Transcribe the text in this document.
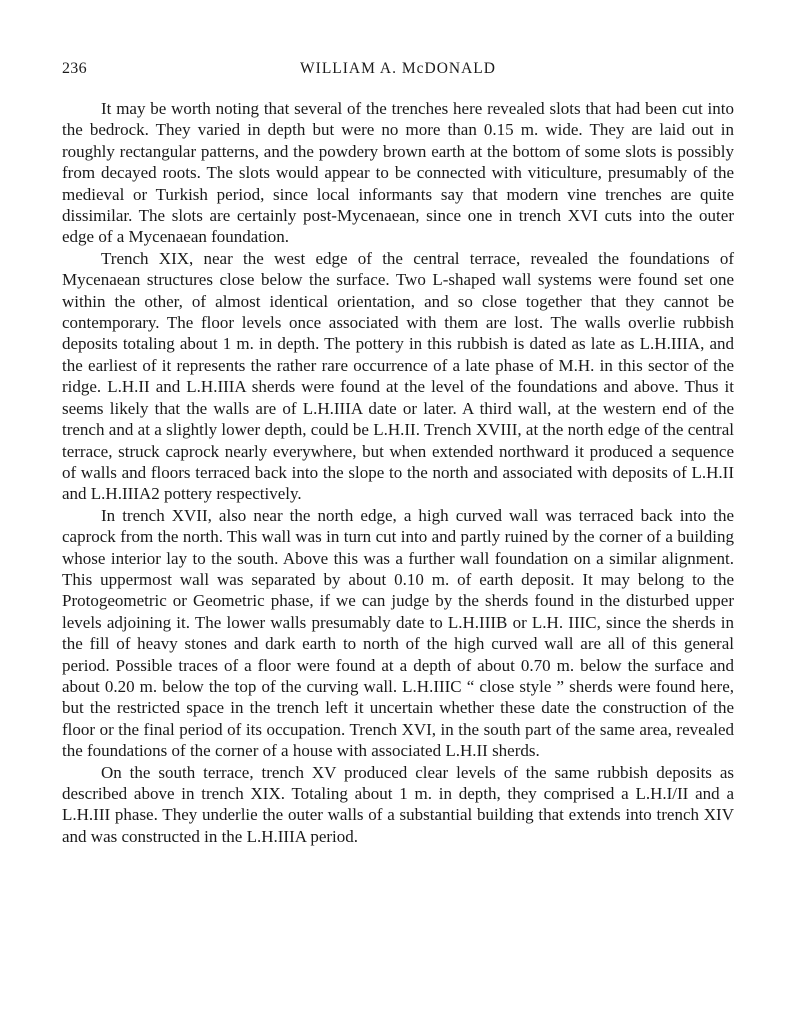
236	WILLIAM A. McDONALD

It may be worth noting that several of the trenches here revealed slots that had been cut into the bedrock. They varied in depth but were no more than 0.15 m. wide. They are laid out in roughly rectangular patterns, and the powdery brown earth at the bottom of some slots is possibly from decayed roots. The slots would appear to be connected with viticulture, presumably of the medieval or Turkish period, since local informants say that modern vine trenches are quite dissimilar. The slots are certainly post-Mycenaean, since one in trench XVI cuts into the outer edge of a Mycenaean foundation.

Trench XIX, near the west edge of the central terrace, revealed the foundations of Mycenaean structures close below the surface. Two L-shaped wall systems were found set one within the other, of almost identical orientation, and so close together that they cannot be contemporary. The floor levels once associated with them are lost. The walls overlie rubbish deposits totaling about 1 m. in depth. The pottery in this rubbish is dated as late as L.H.IIIA, and the earliest of it represents the rather rare occurrence of a late phase of M.H. in this sector of the ridge. L.H.II and L.H.IIIA sherds were found at the level of the foundations and above. Thus it seems likely that the walls are of L.H.IIIA date or later. A third wall, at the western end of the trench and at a slightly lower depth, could be L.H.II. Trench XVIII, at the north edge of the central terrace, struck caprock nearly everywhere, but when extended northward it produced a sequence of walls and floors terraced back into the slope to the north and associated with deposits of L.H.II and L.H.IIIA2 pottery respectively.

In trench XVII, also near the north edge, a high curved wall was terraced back into the caprock from the north. This wall was in turn cut into and partly ruined by the corner of a building whose interior lay to the south. Above this was a further wall foundation on a similar alignment. This uppermost wall was separated by about 0.10 m. of earth deposit. It may belong to the Protogeometric or Geometric phase, if we can judge by the sherds found in the disturbed upper levels adjoining it. The lower walls presumably date to L.H.IIIB or L.H. IIIC, since the sherds in the fill of heavy stones and dark earth to north of the high curved wall are all of this general period. Possible traces of a floor were found at a depth of about 0.70 m. below the surface and about 0.20 m. below the top of the curving wall. L.H.IIIC “ close style ” sherds were found here, but the restricted space in the trench left it uncertain whether these date the construction of the floor or the final period of its occupation. Trench XVI, in the south part of the same area, revealed the foundations of the corner of a house with associated L.H.II sherds.

On the south terrace, trench XV produced clear levels of the same rubbish deposits as described above in trench XIX. Totaling about 1 m. in depth, they comprised a L.H.I/II and a L.H.III phase. They underlie the outer walls of a substantial building that extends into trench XIV and was constructed in the L.H.IIIA period.
